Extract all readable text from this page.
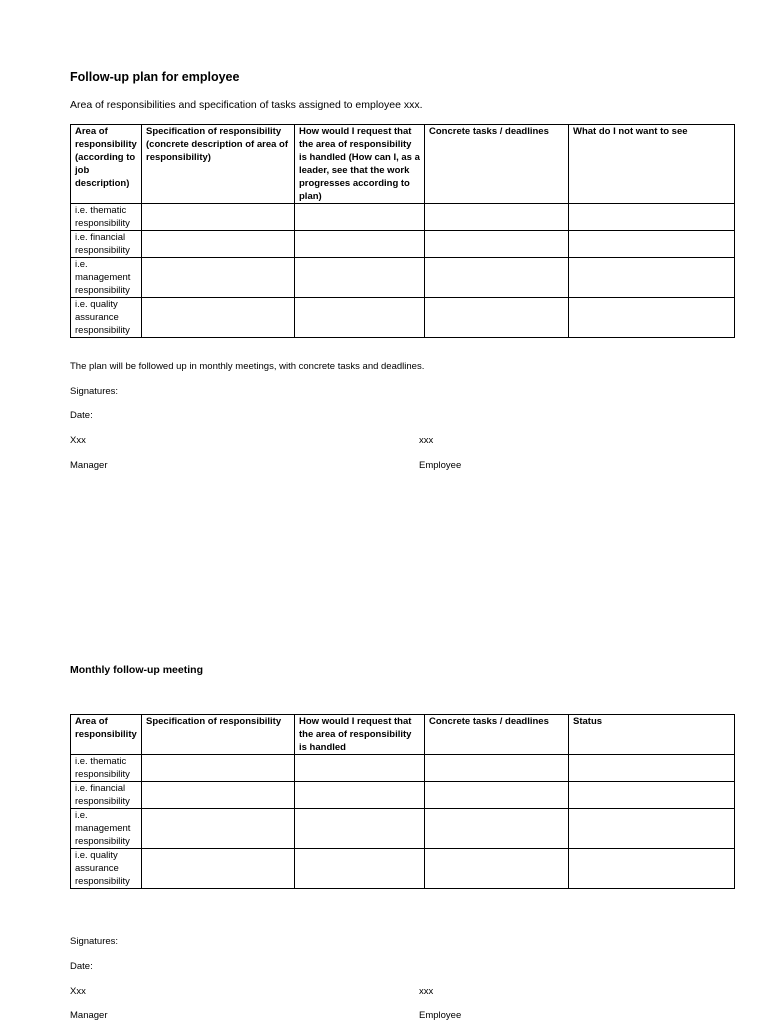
Follow-up plan for employee
Area of responsibilities and specification of tasks assigned to employee xxx.
Area of responsibility (according to job description)	Specification of responsibility (concrete description of area of responsibility)	How would I request that the area of responsibility is handled (How can I, as a leader, see that the work progresses according to plan)	Concrete tasks / deadlines	What do I not want to see
i.e. thematic responsibility				
i.e. financial responsibility				
i.e. management responsibility				
i.e. quality assurance responsibility				
The plan will be followed up in monthly meetings, with concrete tasks and deadlines.
Signatures:
Date:
Xxx	xxx
Manager	Employee
Monthly follow-up meeting
Area of responsibility	Specification of responsibility	How would I request that the area of responsibility is handled	Concrete tasks / deadlines	Status
i.e. thematic responsibility				
i.e. financial responsibility				
i.e. management responsibility				
i.e. quality assurance responsibility				
Signatures:
Date:
Xxx	xxx
Manager	Employee
